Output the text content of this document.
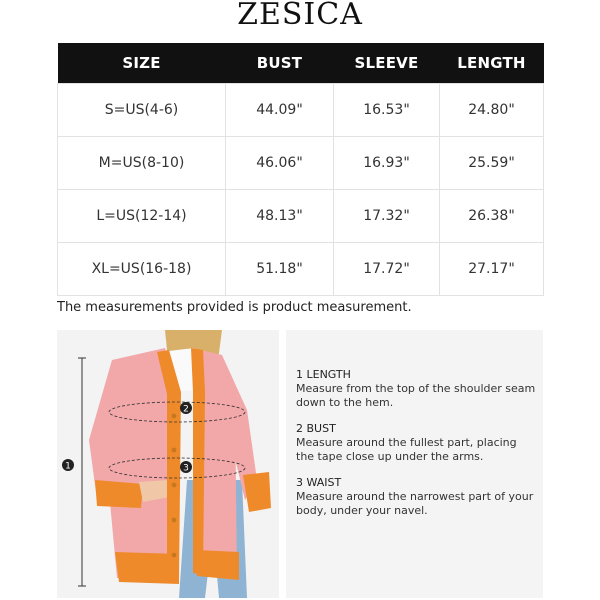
ZESICA
SIZE	BUST	SLEEVE	LENGTH
S=US(4-6)	44.09"	16.53"	24.80"
M=US(8-10)	46.06"	16.93"	25.59"
L=US(12-14)	48.13"	17.32"	26.38"
XL=US(16-18)	51.18"	17.72"	27.17"
The measurements provided is product measurement.
1
2
3
1 LENGTH
Measure from the top of the shoulder seam down to the hem.
2 BUST
Measure around the fullest part, placing the tape close up under the arms.
3 WAIST
Measure around the narrowest part of your body, under your navel.
